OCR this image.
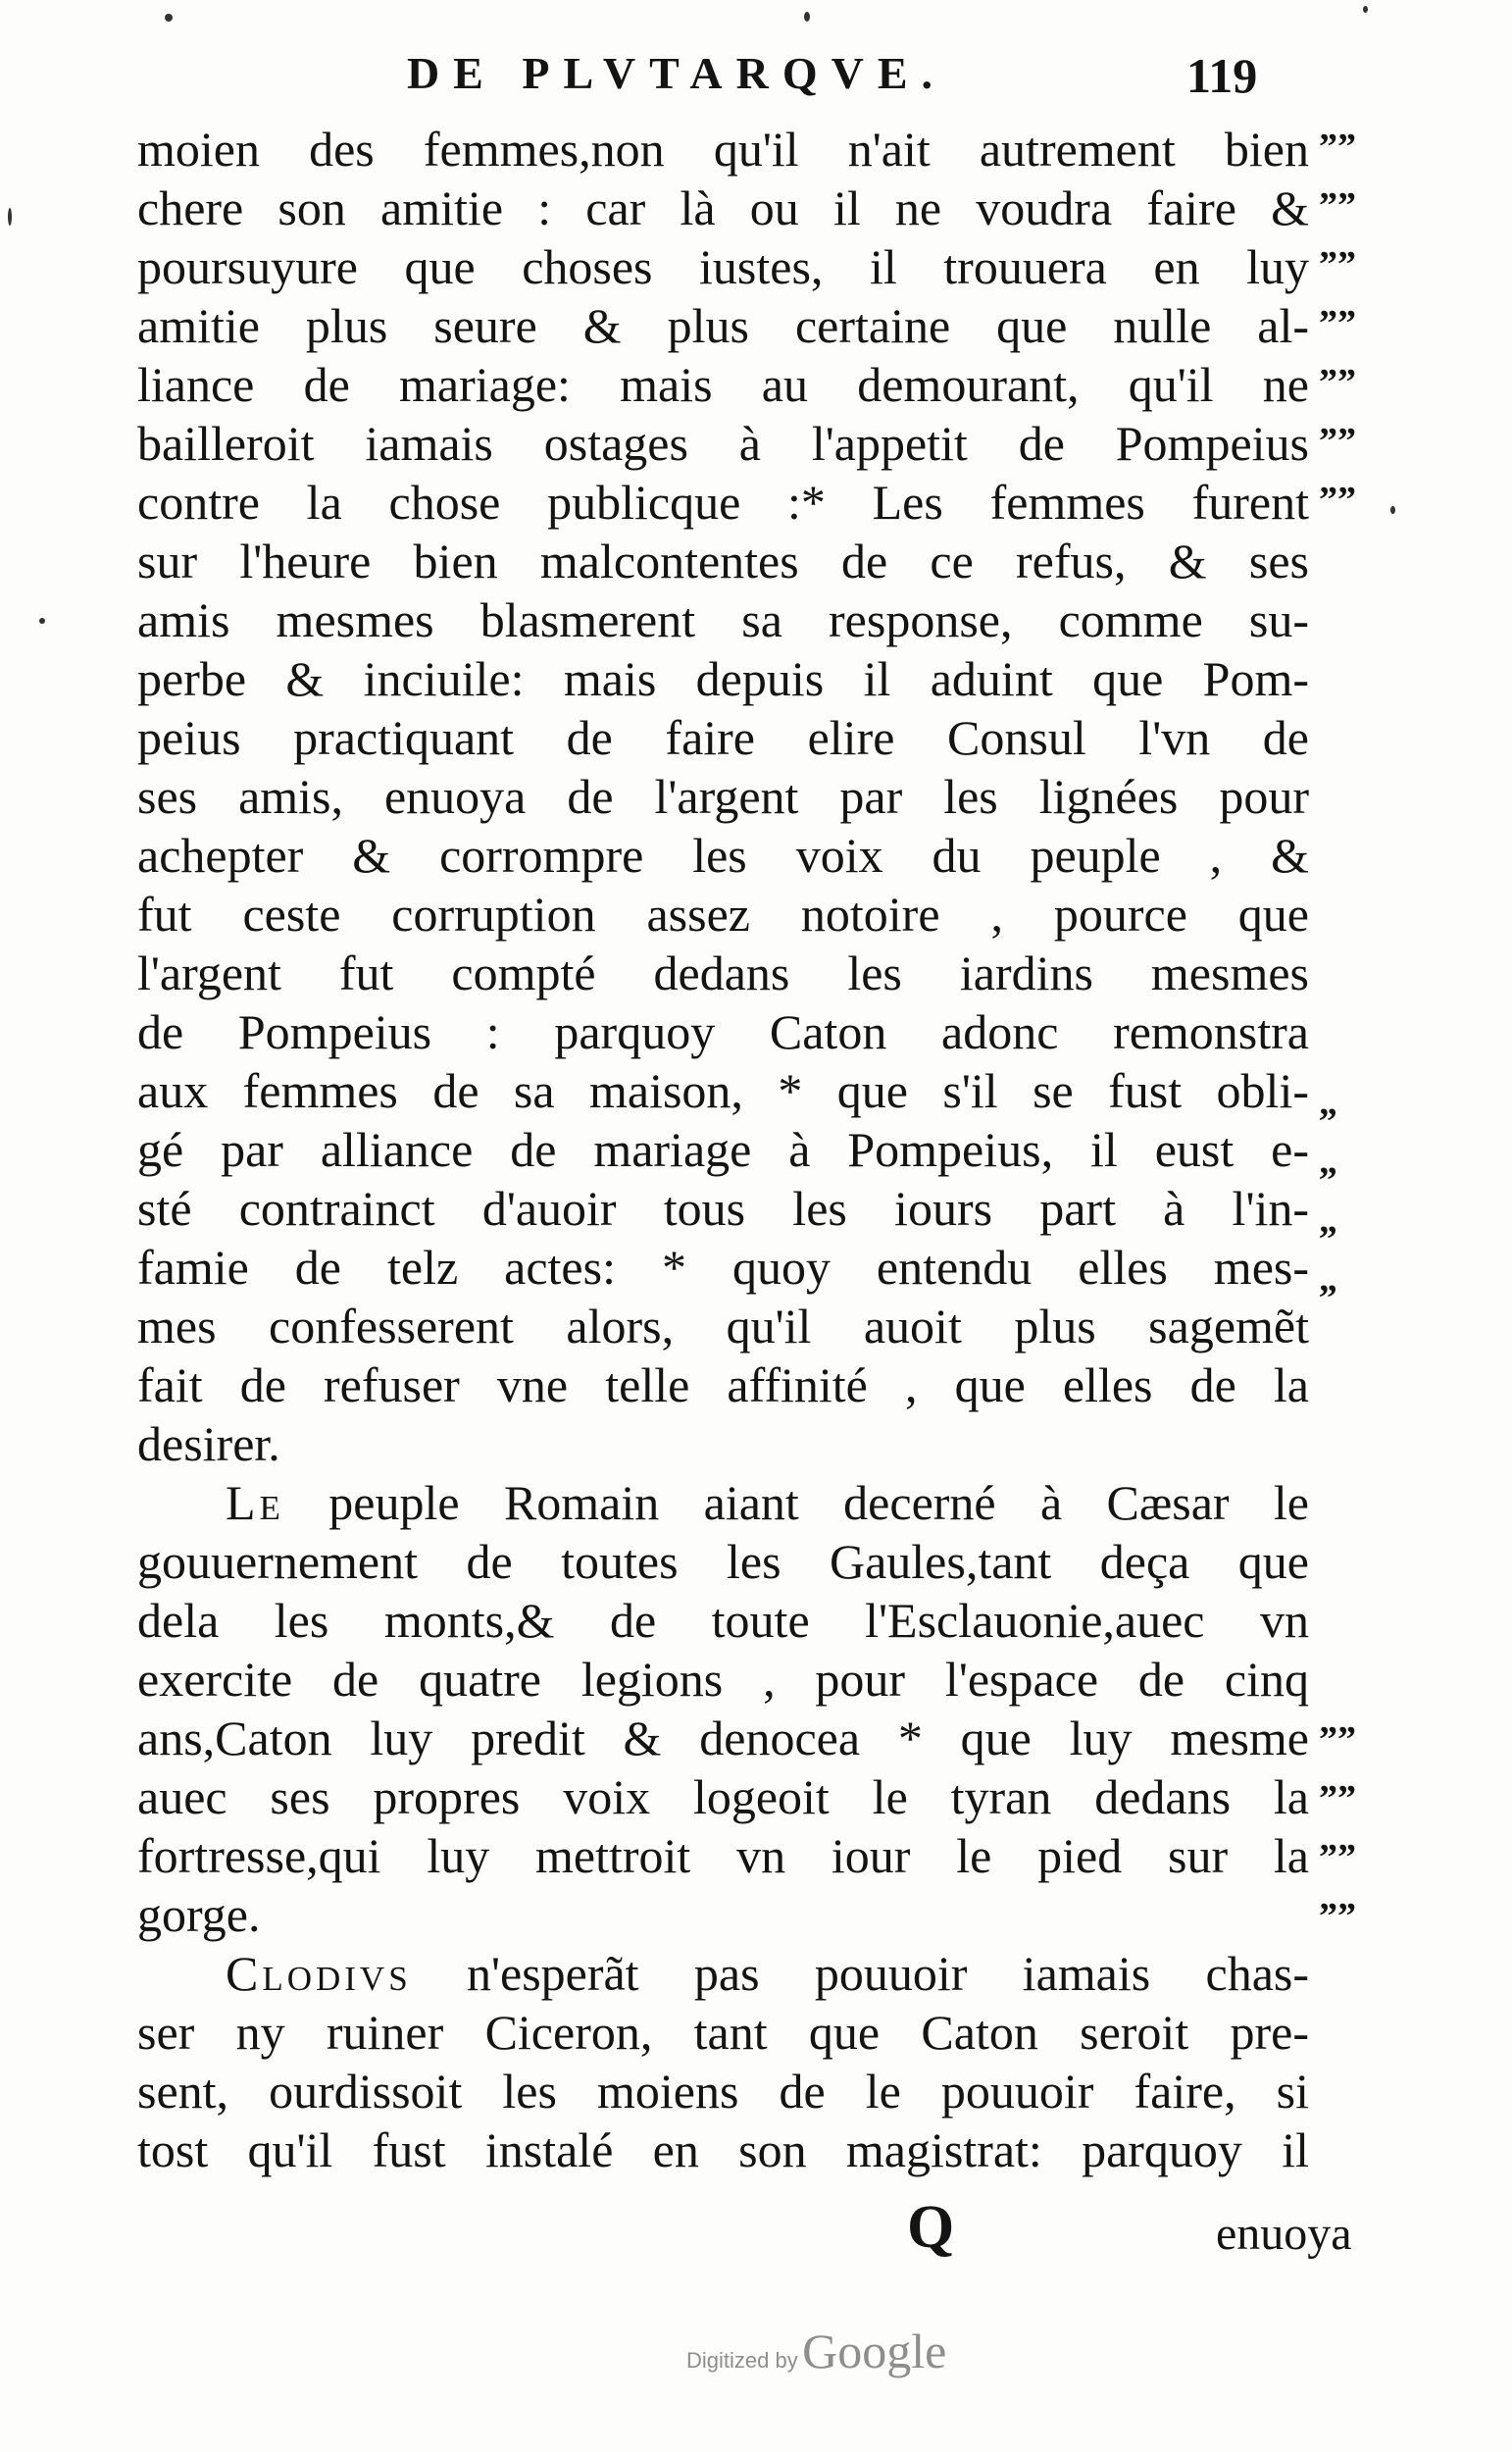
DE PLVTARQVE.	119
moien des femmes,non qu'il n'ait autrement bien
chere son amitie : car là ou il ne voudra faire &
poursuyure que choses iustes, il trouuera en luy
amitie plus seure & plus certaine que nulle al-
liance de mariage: mais au demourant, qu'il ne
bailleroit iamais ostages à l'appetit de Pompeius
contre la chose publicque :* Les femmes furent
sur l'heure bien malcontentes de ce refus, & ses
amis mesmes blasmerent sa response, comme su-
perbe & inciuile: mais depuis il aduint que Pom-
peius practiquant de faire elire Consul l'vn de
ses amis, enuoya de l'argent par les lignées pour
achepter & corrompre les voix du peuple , &
fut ceste corruption assez notoire , pource que
l'argent fut compté dedans les iardins mesmes
de Pompeius : parquoy Caton adonc remonstra
aux femmes de sa maison, * que s'il se fust obli-
gé par alliance de mariage à Pompeius, il eust e-
sté contrainct d'auoir tous les iours part à l'in-
famie de telz actes: * quoy entendu elles mes-
mes confesserent alors, qu'il auoit plus sagemẽt
fait de refuser vne telle affinité , que elles de la
desirer.
Le peuple Romain aiant decerné à Cæsar le
gouuernement de toutes les Gaules,tant deça que
dela les monts,& de toute l'Esclauonie,auec vn
exercite de quatre legions , pour l'espace de cinq
ans,Caton luy predit & denocea * que luy mesme
auec ses propres voix logeoit le tyran dedans la
fortresse,qui luy mettroit vn iour le pied sur la
gorge.
Clodivs n'esperãt pas pouuoir iamais chas-
ser ny ruiner Ciceron, tant que Caton seroit pre-
sent, ourdissoit les moiens de le pouuoir faire, si
tost qu'il fust instalé en son magistrat: parquoy il
””
””
””
””
””
””
””
„
„
„
„
””
””
””
””
Q	enuoya
Digitized by Google
